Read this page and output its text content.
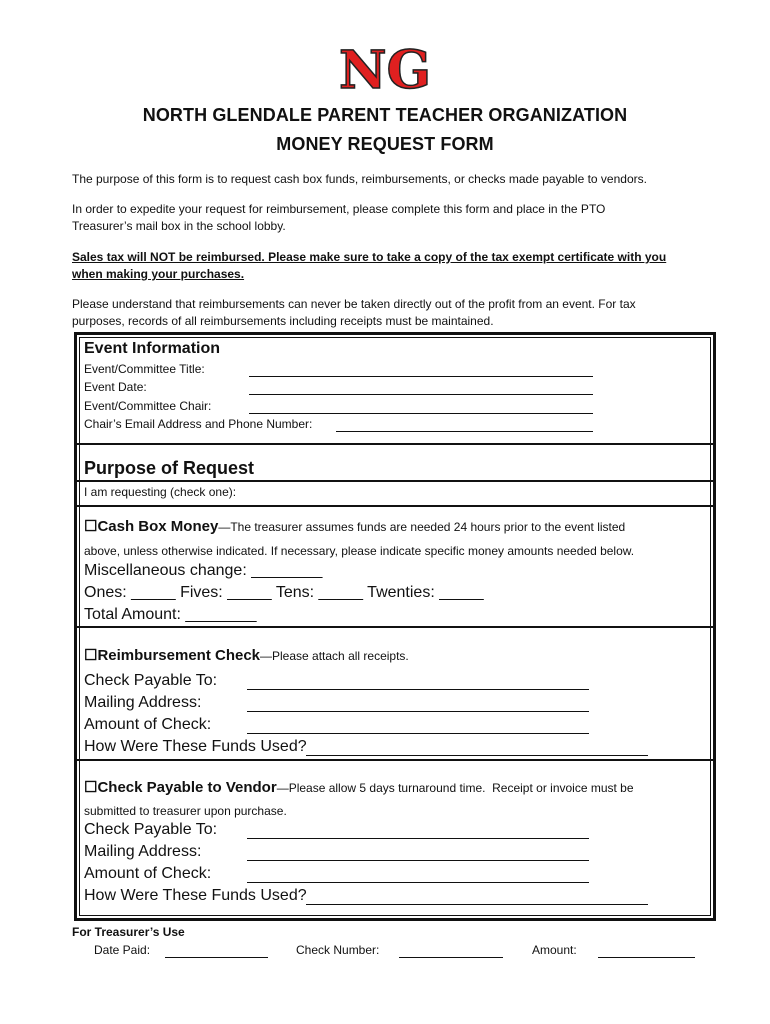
NG
NORTH GLENDALE PARENT TEACHER ORGANIZATION
MONEY REQUEST FORM
The purpose of this form is to request cash box funds, reimbursements, or checks made payable to vendors.
In order to expedite your request for reimbursement, please complete this form and place in the PTO
Treasurer’s mail box in the school lobby.
Sales tax will NOT be reimbursed. Please make sure to take a copy of the tax exempt certificate with you
when making your purchases.
Please understand that reimbursements can never be taken directly out of the profit from an event. For tax
purposes, records of all reimbursements including receipts must be maintained.
Event Information
Event/Committee Title:
Event Date:
Event/Committee Chair:
Chair’s Email Address and Phone Number:
Purpose of Request
I am requesting (check one):
☐Cash Box Money—The treasurer assumes funds are needed 24 hours prior to the event listed
above, unless otherwise indicated. If necessary, please indicate specific money amounts needed below.
Miscellaneous change: ________
Ones: _____ Fives: _____ Tens: _____ Twenties: _____
Total Amount: ________
☐Reimbursement Check—Please attach all receipts.
Check Payable To:
Mailing Address:
Amount of Check:
How Were These Funds Used?
☐Check Payable to Vendor—Please allow 5 days turnaround time.  Receipt or invoice must be
submitted to treasurer upon purchase.
Check Payable To:
Mailing Address:
Amount of Check:
How Were These Funds Used?
For Treasurer’s Use
Date Paid:	Check Number:	Amount:
